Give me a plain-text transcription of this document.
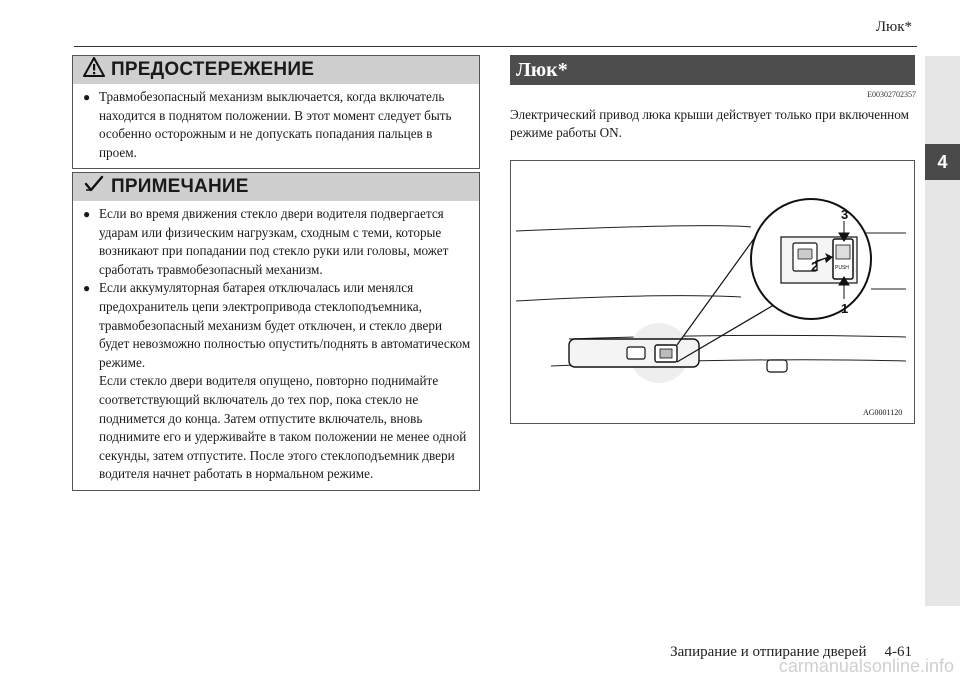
Люк*
4
ПРЕДОСТЕРЕЖЕНИЕ
● Травмобезопасный механизм выключается, когда включатель находится в поднятом положении. В этот момент следует быть особенно осторожным и не допускать попадания пальцев в проем.
ПРИМЕЧАНИЕ
● Если во время движения стекло двери водителя подвергается ударам или физическим нагрузкам, сходным с теми, которые возникают при попадании под стекло руки или головы, может сработать травмобезопасный механизм.
● Если аккумуляторная батарея отключалась или менялся предохранитель цепи электропривода стеклоподъемника, травмобезопасный механизм будет отключен, и стекло двери будет невозможно полностью опустить/поднять в автоматическом режиме.
Если стекло двери водителя опущено, повторно поднимайте соответствующий включатель до тех пор, пока стекло не поднимется до конца. Затем отпустите включатель, вновь поднимите его и удерживайте в таком положении не менее одной секунды, затем отпустите. После этого стеклоподъемник двери водителя начнет работать в нормальном режиме.
Люк*
E00302702357
Электрический привод люка крыши действует только при включенном режиме работы ON.
PUSH
3
2
1
AG0001120
Запирание и отпирание дверей 4-61
carmanualsonline.info
